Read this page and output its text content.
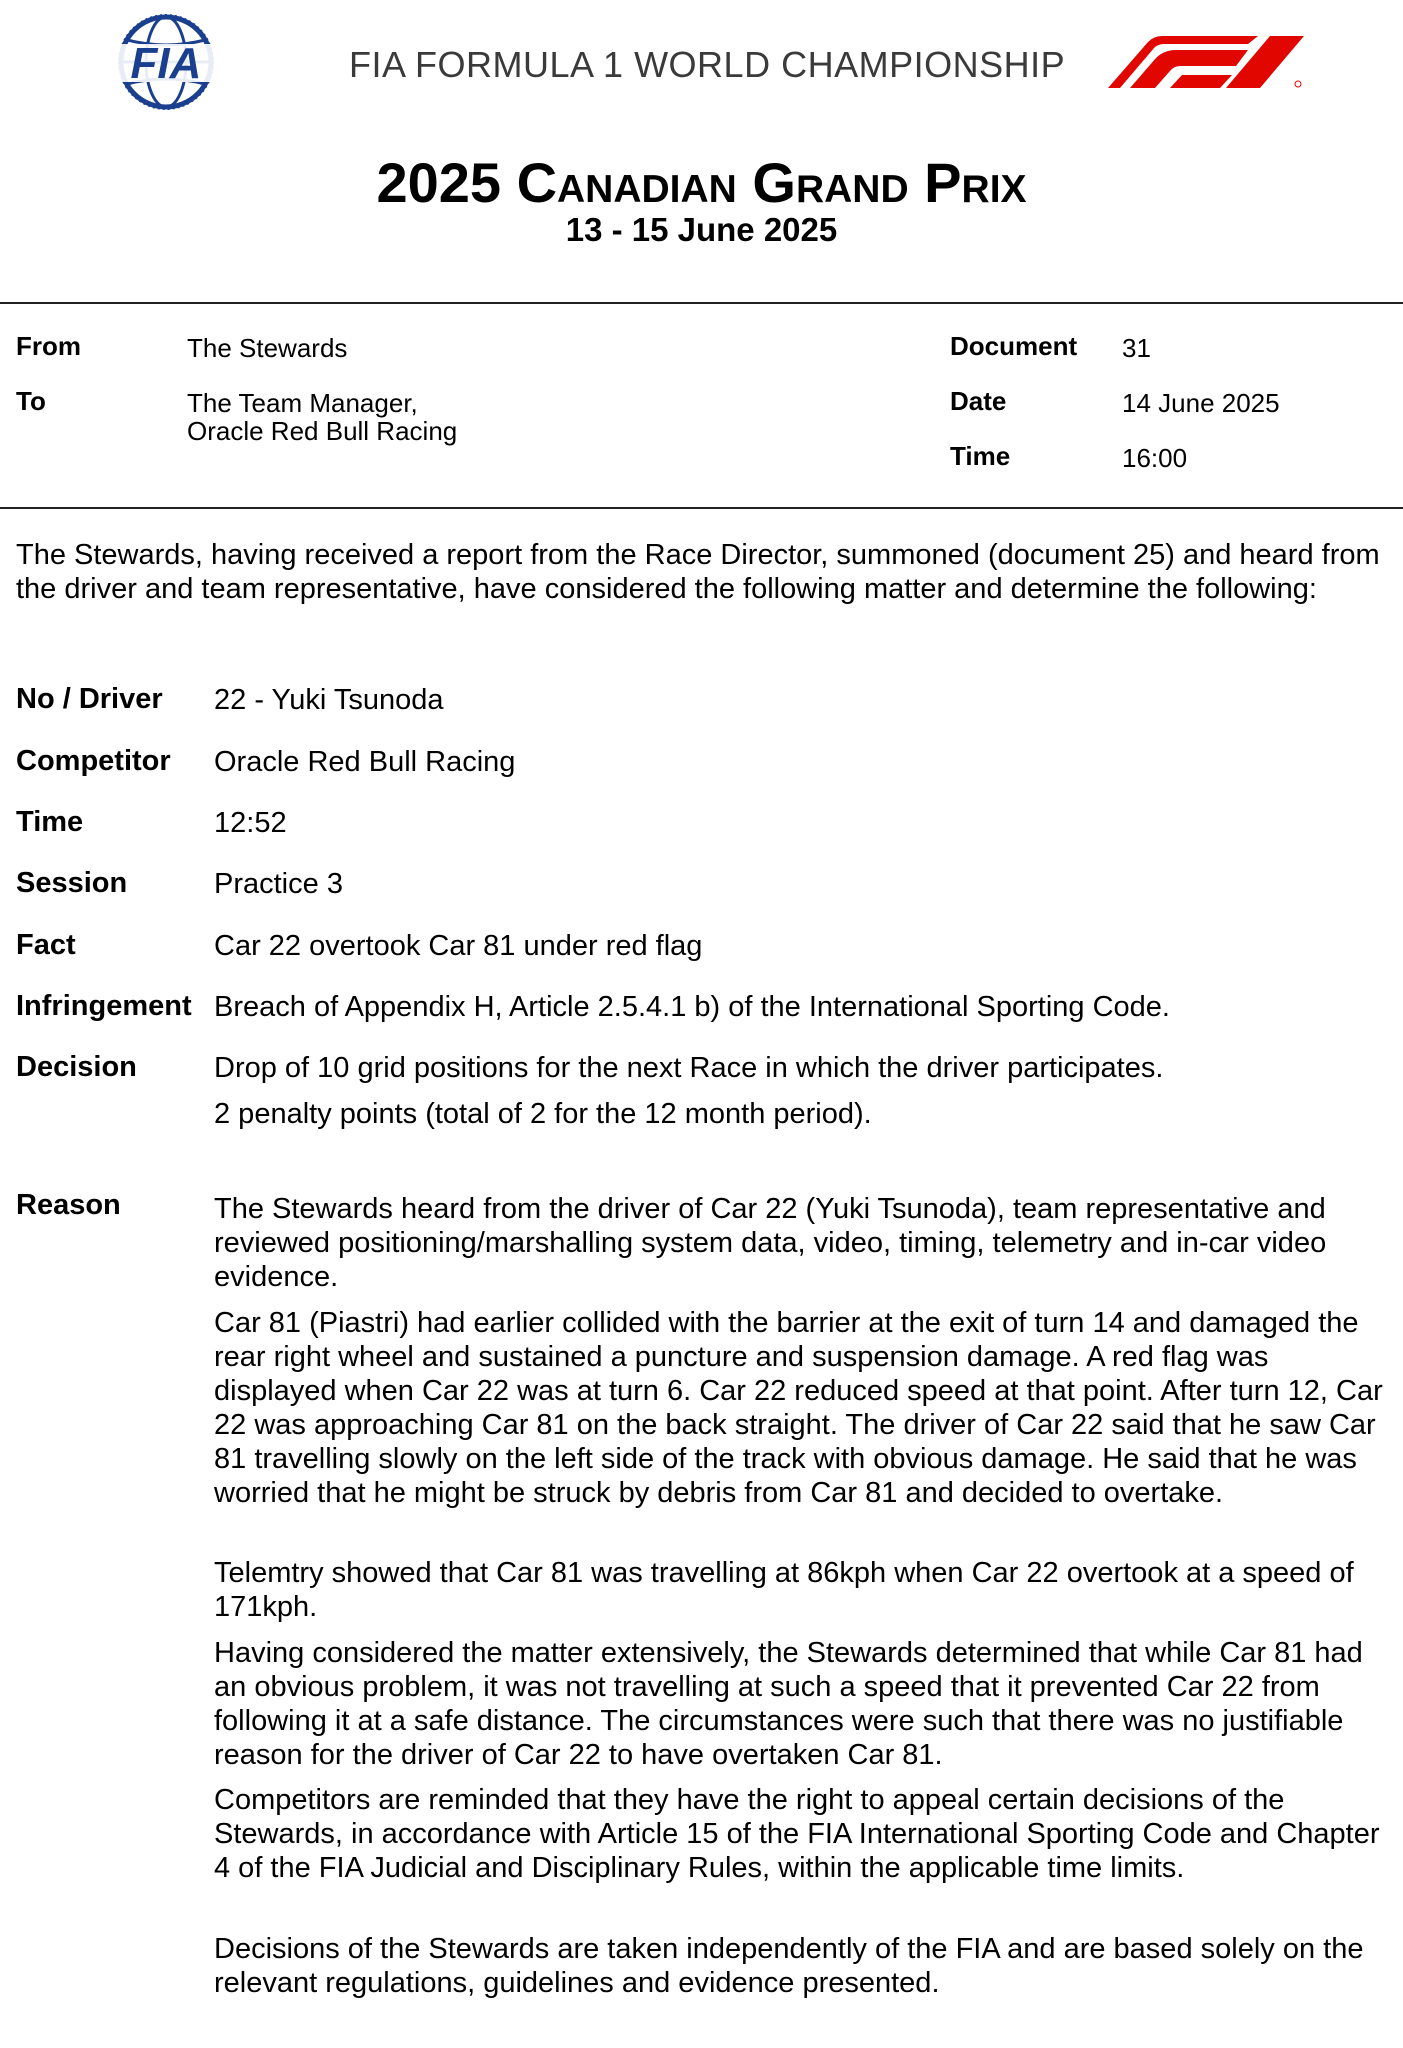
FIA	FIA FORMULA 1 WORLD CHAMPIONSHIP
2025 Canadian Grand Prix
13 - 15 June 2025
From	The Stewards
To	The Team Manager,
Oracle Red Bull Racing
Document 31
Date	14 June 2025
Time	16:00
The Stewards, having received a report from the Race Director, summoned (document 25) and heard from the driver and team representative, have considered the following matter and determine the following:
No / Driver 22 - Yuki Tsunoda
Competitor Oracle Red Bull Racing
Time	12:52
Session	Practice 3
Fact	Car 22 overtook Car 81 under red flag
Infringement Breach of Appendix H, Article 2.5.4.1 b) of the International Sporting Code.
Decision	Drop of 10 grid positions for the next Race in which the driver participates.
2 penalty points (total of 2 for the 12 month period).
Reason	The Stewards heard from the driver of Car 22 (Yuki Tsunoda), team representative and reviewed positioning/marshalling system data, video, timing, telemetry and in-car video evidence.
Car 81 (Piastri) had earlier collided with the barrier at the exit of turn 14 and damaged the rear right wheel and sustained a puncture and suspension damage. A red flag was displayed when Car 22 was at turn 6. Car 22 reduced speed at that point. After turn 12, Car 22 was approaching Car 81 on the back straight. The driver of Car 22 said that he saw Car 81 travelling slowly on the left side of the track with obvious damage. He said that he was worried that he might be struck by debris from Car 81 and decided to overtake.
Telemtry showed that Car 81 was travelling at 86kph when Car 22 overtook at a speed of 171kph.
Having considered the matter extensively, the Stewards determined that while Car 81 had an obvious problem, it was not travelling at such a speed that it prevented Car 22 from following it at a safe distance. The circumstances were such that there was no justifiable reason for the driver of Car 22 to have overtaken Car 81.
Competitors are reminded that they have the right to appeal certain decisions of the Stewards, in accordance with Article 15 of the FIA International Sporting Code and Chapter 4 of the FIA Judicial and Disciplinary Rules, within the applicable time limits.
Decisions of the Stewards are taken independently of the FIA and are based solely on the relevant regulations, guidelines and evidence presented.
